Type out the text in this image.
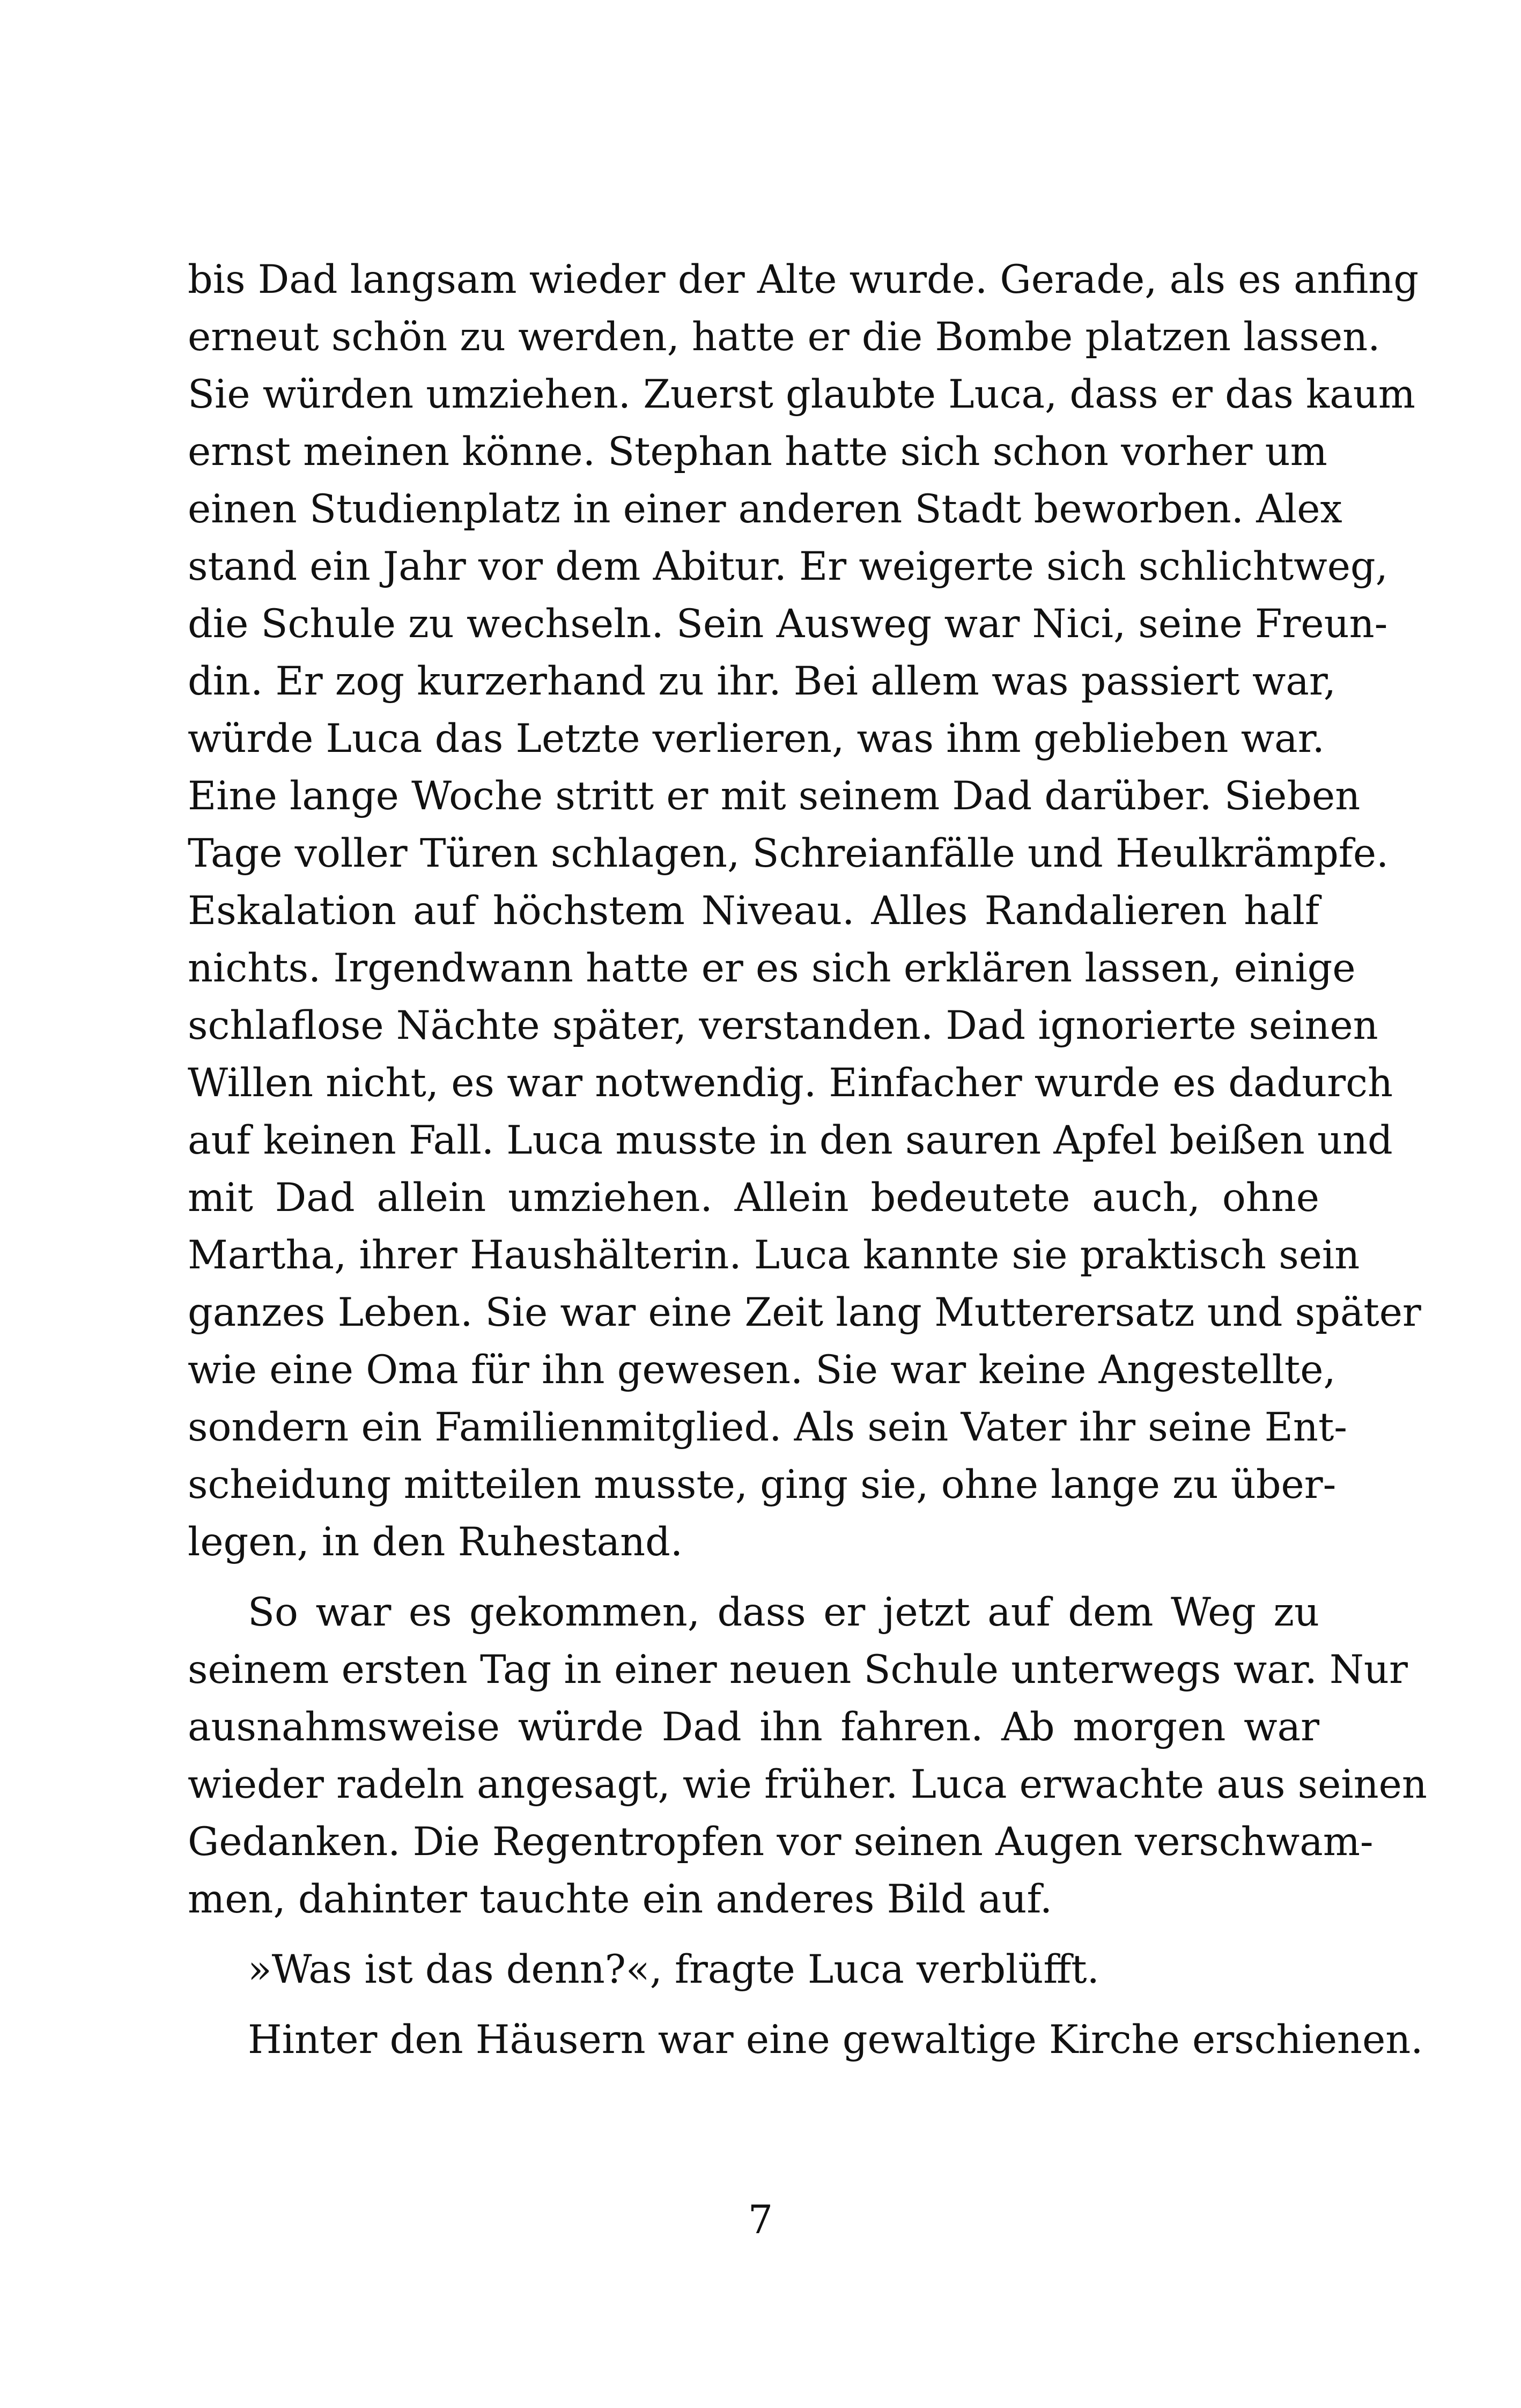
bis Dad langsam wieder der Alte wurde. Gerade, als es anfing
erneut schön zu werden, hatte er die Bombe platzen lassen.
Sie würden umziehen. Zuerst glaubte Luca, dass er das kaum
ernst meinen könne. Stephan hatte sich schon vorher um
einen Studienplatz in einer anderen Stadt beworben. Alex
stand ein Jahr vor dem Abitur. Er weigerte sich schlichtweg,
die Schule zu wechseln. Sein Ausweg war Nici, seine Freun-
din. Er zog kurzerhand zu ihr. Bei allem was passiert war,
würde Luca das Letzte verlieren, was ihm geblieben war.
Eine lange Woche stritt er mit seinem Dad darüber. Sieben
Tage voller Türen schlagen, Schreianfälle und Heulkrämpfe.
Eskalation auf höchstem Niveau. Alles Randalieren half
nichts. Irgendwann hatte er es sich erklären lassen, einige
schlaflose Nächte später, verstanden. Dad ignorierte seinen
Willen nicht, es war notwendig. Einfacher wurde es dadurch
auf keinen Fall. Luca musste in den sauren Apfel beißen und
mit Dad allein umziehen. Allein bedeutete auch, ohne
Martha, ihrer Haushälterin. Luca kannte sie praktisch sein
ganzes Leben. Sie war eine Zeit lang Mutterersatz und später
wie eine Oma für ihn gewesen. Sie war keine Angestellte,
sondern ein Familienmitglied. Als sein Vater ihr seine Ent-
scheidung mitteilen musste, ging sie, ohne lange zu über-
legen, in den Ruhestand.
So war es gekommen, dass er jetzt auf dem Weg zu
seinem ersten Tag in einer neuen Schule unterwegs war. Nur
ausnahmsweise würde Dad ihn fahren. Ab morgen war
wieder radeln angesagt, wie früher. Luca erwachte aus seinen
Gedanken. Die Regentropfen vor seinen Augen verschwam-
men, dahinter tauchte ein anderes Bild auf.
»Was ist das denn?«, fragte Luca verblüfft.
Hinter den Häusern war eine gewaltige Kirche erschienen.
7
